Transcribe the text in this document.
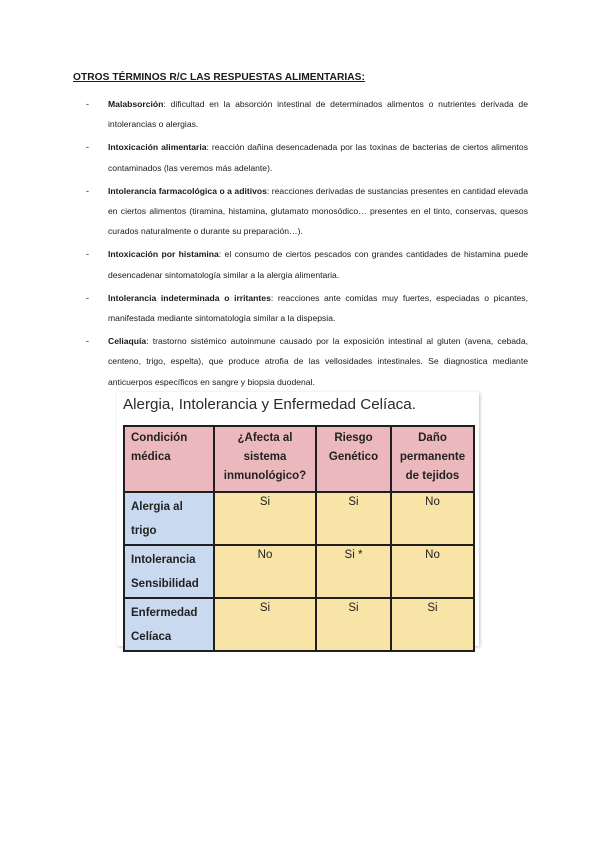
OTROS TÉRMINOS R/C LAS RESPUESTAS ALIMENTARIAS:
- Malabsorción: dificultad en la absorción intestinal de determinados alimentos o nutrientes derivada de intolerancias o alergias.

- Intoxicación alimentaria: reacción dañina desencadenada por las toxinas de bacterias de ciertos alimentos contaminados (las veremos más adelante).

- Intolerancia farmacológica o a aditivos: reacciones derivadas de sustancias presentes en cantidad elevada en ciertos alimentos (tiramina, histamina, glutamato monosódico… presentes en el tinto, conservas, quesos curados naturalmente o durante su preparación…).

- Intoxicación por histamina: el consumo de ciertos pescados con grandes cantidades de histamina puede desencadenar sintomatología similar a la alergia alimentaria.

- Intolerancia indeterminada o irritantes: reacciones ante comidas muy fuertes, especiadas o picantes, manifestada mediante sintomatología similar a la dispepsia.

- Celiaquía: trastorno sistémico autoinmune causado por la exposición intestinal al gluten (avena, cebada, centeno, trigo, espelta), que produce atrofia de las vellosidades intestinales. Se diagnostica mediante anticuerpos específicos en sangre y biopsia duodenal.

Alergia, Intolerancia y Enfermedad Celíaca.
Condición médica	¿Afecta al sistema inmunológico?	Riesgo Genético	Daño permanente de tejidos
Alergia al trigo	Si	Si	No
Intolerancia Sensibilidad	No	Si *	No
Enfermedad Celíaca	Si	Si	Si
